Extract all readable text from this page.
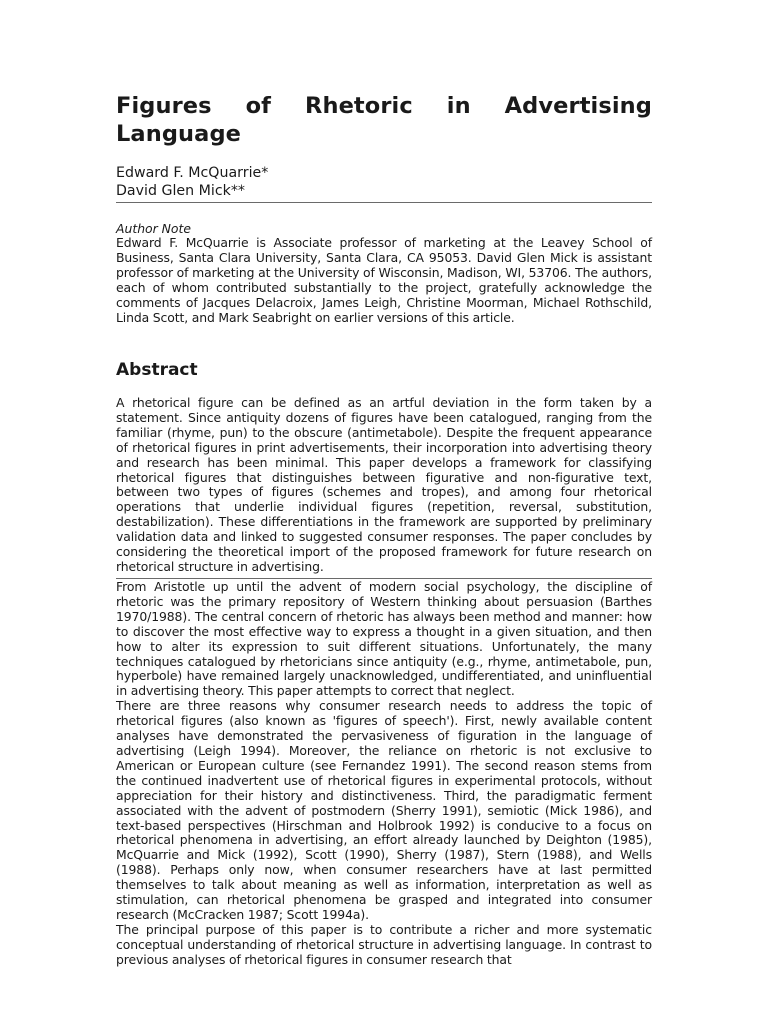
Figures of Rhetoric in Advertising Language
Edward F. McQuarrie*
David Glen Mick**
Author Note
Edward F. McQuarrie is Associate professor of marketing at the Leavey School of Business, Santa Clara University, Santa Clara, CA 95053. David Glen Mick is assistant professor of marketing at the University of Wisconsin, Madison, WI, 53706. The authors, each of whom contributed substantially to the project, gratefully acknowledge the comments of Jacques Delacroix, James Leigh, Christine Moorman, Michael Rothschild, Linda Scott, and Mark Seabright on earlier versions of this article.
Abstract
A rhetorical figure can be defined as an artful deviation in the form taken by a statement. Since antiquity dozens of figures have been catalogued, ranging from the familiar (rhyme, pun) to the obscure (antimetabole). Despite the frequent appearance of rhetorical figures in print advertisements, their incorporation into advertising theory and research has been minimal. This paper develops a framework for classifying rhetorical figures that distinguishes between figurative and non-figurative text, between two types of figures (schemes and tropes), and among four rhetorical operations that underlie individual figures (repetition, reversal, substitution, destabilization). These differentiations in the framework are supported by preliminary validation data and linked to suggested consumer responses. The paper concludes by considering the theoretical import of the proposed framework for future research on rhetorical structure in advertising.

From Aristotle up until the advent of modern social psychology, the discipline of rhetoric was the primary repository of Western thinking about persuasion (Barthes 1970/1988). The central concern of rhetoric has always been method and manner: how to discover the most effective way to express a thought in a given situation, and then how to alter its expression to suit different situations. Unfortunately, the many techniques catalogued by rhetoricians since antiquity (e.g., rhyme, antimetabole, pun, hyperbole) have remained largely unacknowledged, undifferentiated, and uninfluential in advertising theory. This paper attempts to correct that neglect.

There are three reasons why consumer research needs to address the topic of rhetorical figures (also known as 'figures of speech'). First, newly available content analyses have demonstrated the pervasiveness of figuration in the language of advertising (Leigh 1994). Moreover, the reliance on rhetoric is not exclusive to American or European culture (see Fernandez 1991). The second reason stems from the continued inadvertent use of rhetorical figures in experimental protocols, without appreciation for their history and distinctiveness. Third, the paradigmatic ferment associated with the advent of postmodern (Sherry 1991), semiotic (Mick 1986), and text-based perspectives (Hirschman and Holbrook 1992) is conducive to a focus on rhetorical phenomena in advertising, an effort already launched by Deighton (1985), McQuarrie and Mick (1992), Scott (1990), Sherry (1987), Stern (1988), and Wells (1988). Perhaps only now, when consumer researchers have at last permitted themselves to talk about meaning as well as information, interpretation as well as stimulation, can rhetorical phenomena be grasped and integrated into consumer research (McCracken 1987; Scott 1994a).

The principal purpose of this paper is to contribute a richer and more systematic conceptual understanding of rhetorical structure in advertising language. In contrast to previous analyses of rhetorical figures in consumer research that
